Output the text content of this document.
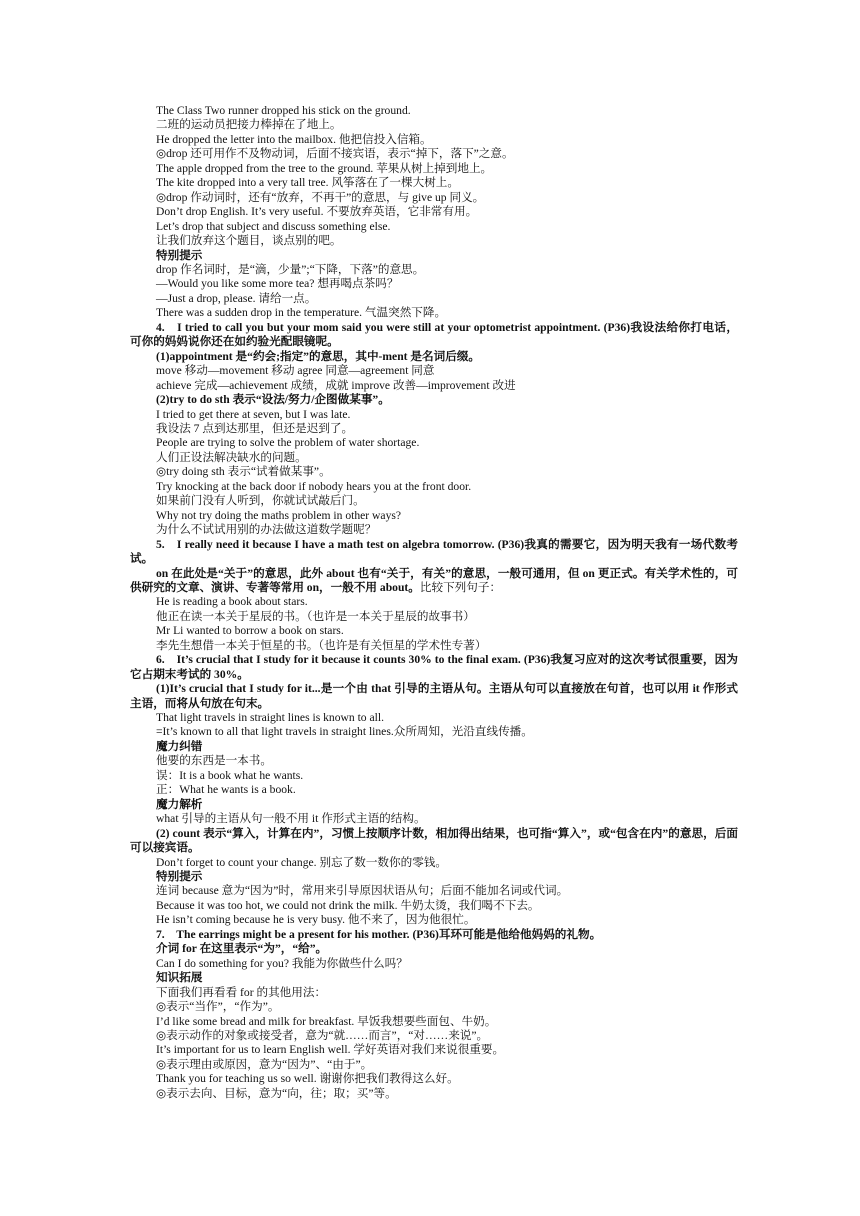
The Class Two runner dropped his stick on the ground.
二班的运动员把接力棒掉在了地上。
He dropped the letter into the mailbox. 他把信投入信箱。
◎drop 还可用作不及物动词，后面不接宾语，表示“掉下，落下”之意。
The apple dropped from the tree to the ground. 苹果从树上掉到地上。
The kite dropped into a very tall tree. 风筝落在了一棵大树上。
◎drop 作动词时，还有“放弃，不再干”的意思，与 give up 同义。
Don’t drop English. It’s very useful. 不要放弃英语，它非常有用。
Let’s drop that subject and discuss something else.
让我们放弃这个题目，谈点别的吧。
特别提示
drop 作名词时，是“滴，少量”;“下降，下落”的意思。
—Would you like some more tea? 想再喝点茶吗？
—Just a drop, please. 请给一点。
There was a sudden drop in the temperature. 气温突然下降。
4.　I tried to call you but your mom said you were still at your optometrist appointment. (P36)我设法给你打电话，可你的妈妈说你还在如约验光配眼镜呢。
(1)appointment 是“约会;指定”的意思，其中-ment 是名词后缀。
move 移动—movement 移动 agree 同意—agreement 同意
achieve 完成—achievement 成绩，成就 improve 改善—improvement 改进
(2)try to do sth 表示“设法/努力/企图做某事”。
I tried to get there at seven, but I was late.
我设法 7 点到达那里，但还是迟到了。
People are trying to solve the problem of water shortage.
人们正设法解决缺水的问题。
◎try doing sth 表示“试着做某事”。
Try knocking at the back door if nobody hears you at the front door.
如果前门没有人听到，你就试试敲后门。
Why not try doing the maths problem in other ways?
为什么不试试用别的办法做这道数学题呢？
5.　I really need it because I have a math test on algebra tomorrow. (P36)我真的需要它，因为明天我有一场代数考试。
on 在此处是“关于”的意思，此外 about 也有“关于，有关”的意思，一般可通用，但 on 更正式。有关学术性的，可供研究的文章、演讲、专著等常用 on，一般不用 about。比较下列句子：
He is reading a book about stars.
他正在读一本关于星辰的书。（也许是一本关于星辰的故事书）
Mr Li wanted to borrow a book on stars.
李先生想借一本关于恒星的书。（也许是有关恒星的学术性专著）
6.　It’s crucial that I study for it because it counts 30% to the final exam. (P36)我复习应对的这次考试很重要，因为它占期末考试的 30%。
(1)It’s crucial that I study for it...是一个由 that 引导的主语从句。主语从句可以直接放在句首，也可以用 it 作形式主语，而将从句放在句末。
That light travels in straight lines is known to all.
=It’s known to all that light travels in straight lines.众所周知，光沿直线传播。
魔力纠错
他要的东西是一本书。
误：It is a book what he wants.
正：What he wants is a book.
魔力解析
what 引导的主语从句一般不用 it 作形式主语的结构。
(2) count 表示“算入，计算在内”，习惯上按顺序计数，相加得出结果，也可指“算入”，或“包含在内”的意思，后面可以接宾语。
Don’t forget to count your change. 别忘了数一数你的零钱。
特别提示
连词 because 意为“因为”时，常用来引导原因状语从句；后面不能加名词或代词。
Because it was too hot, we could not drink the milk. 牛奶太烫，我们喝不下去。
He isn’t coming because he is very busy. 他不来了，因为他很忙。
7.　The earrings might be a present for his mother. (P36)耳环可能是他给他妈妈的礼物。
介词 for 在这里表示“为”，“给”。
Can I do something for you? 我能为你做些什么吗？
知识拓展
下面我们再看看 for 的其他用法：
◎表示“当作”，“作为”。
I’d like some bread and milk for breakfast. 早饭我想要些面包、牛奶。
◎表示动作的对象或接受者，意为“就……而言”，“对……来说”。
It’s important for us to learn English well. 学好英语对我们来说很重要。
◎表示理由或原因，意为“因为”、“由于”。
Thank you for teaching us so well. 谢谢你把我们教得这么好。
◎表示去向、目标，意为“向，往；取；买”等。
